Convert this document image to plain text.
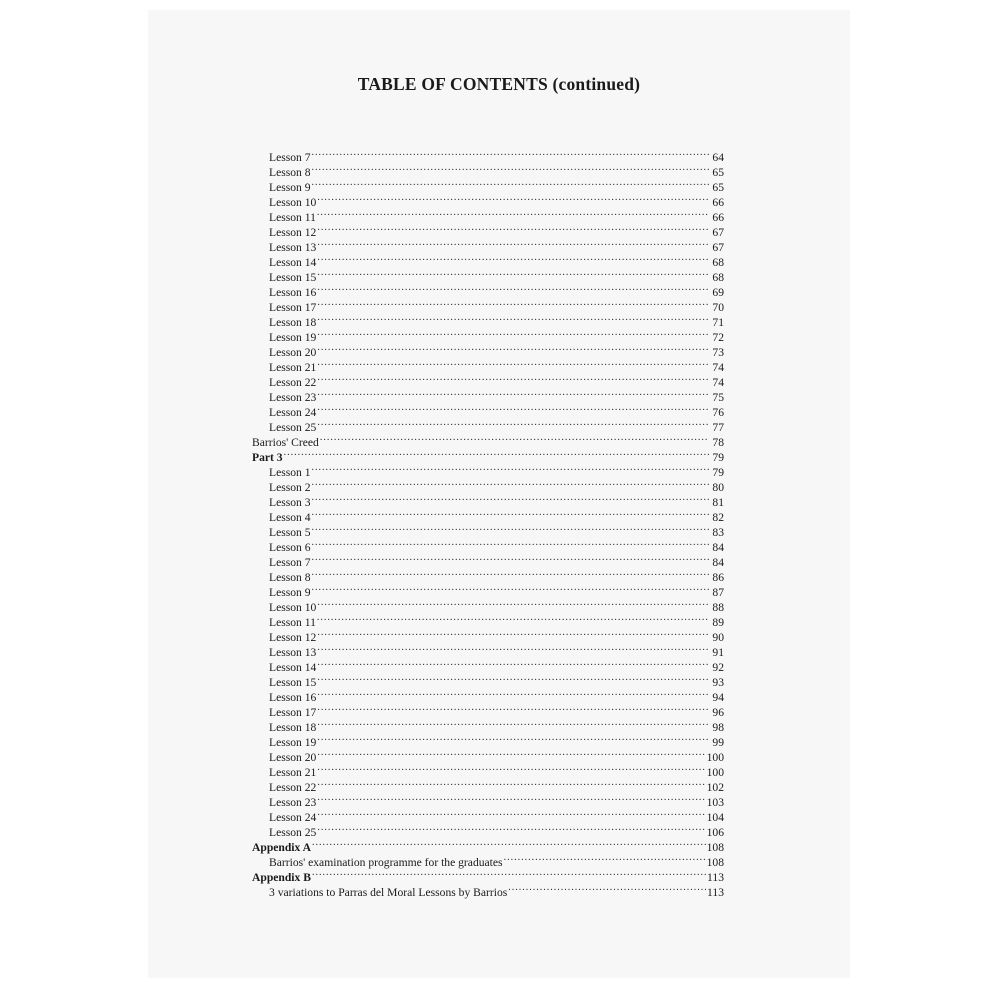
TABLE OF CONTENTS (continued)
Lesson 7 .....	64
Lesson 8 .....	65
Lesson 9 .....	65
Lesson 10 .....	66
Lesson 11 .....	66
Lesson 12 .....	67
Lesson 13 .....	67
Lesson 14 .....	68
Lesson 15 .....	68
Lesson 16 .....	69
Lesson 17 .....	70
Lesson 18 .....	71
Lesson 19 .....	72
Lesson 20 .....	73
Lesson 21 .....	74
Lesson 22 .....	74
Lesson 23 .....	75
Lesson 24 .....	76
Lesson 25 .....	77
Barrios' Creed .....	78
Part 3 .....	79
Lesson 1 .....	79
Lesson 2 .....	80
Lesson 3 .....	81
Lesson 4 .....	82
Lesson 5 .....	83
Lesson 6 .....	84
Lesson 7 .....	84
Lesson 8 .....	86
Lesson 9 .....	87
Lesson 10 .....	88
Lesson 11 .....	89
Lesson 12 .....	90
Lesson 13 .....	91
Lesson 14 .....	92
Lesson 15 .....	93
Lesson 16 .....	94
Lesson 17 .....	96
Lesson 18 .....	98
Lesson 19 .....	99
Lesson 20 .....	100
Lesson 21 .....	100
Lesson 22 .....	102
Lesson 23 .....	103
Lesson 24 .....	104
Lesson 25 .....	106
Appendix A .....	108
Barrios' examination programme for the graduates .....	108
Appendix B .....	113
3 variations to Parras del Moral Lessons by Barrios .....	113
